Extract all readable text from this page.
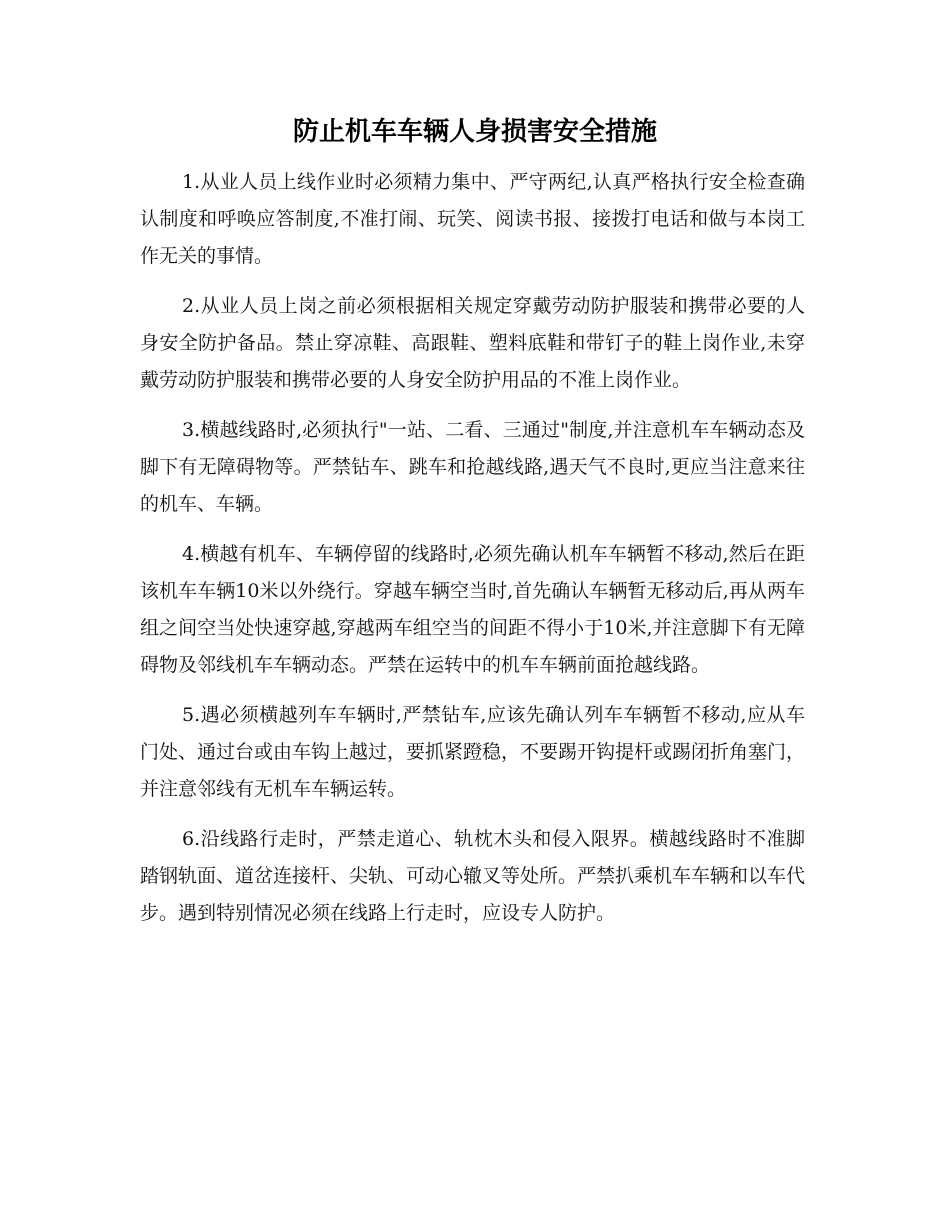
防止机车车辆人身损害安全措施

1.从业人员上线作业时必须精力集中、严守两纪,认真严格执行安全检查确认制度和呼唤应答制度,不准打闹、玩笑、阅读书报、接拨打电话和做与本岗工作无关的事情。

2.从业人员上岗之前必须根据相关规定穿戴劳动防护服装和携带必要的人身安全防护备品。禁止穿凉鞋、高跟鞋、塑料底鞋和带钉子的鞋上岗作业,未穿戴劳动防护服装和携带必要的人身安全防护用品的不准上岗作业。

3.横越线路时,必须执行"一站、二看、三通过"制度,并注意机车车辆动态及脚下有无障碍物等。严禁钻车、跳车和抢越线路,遇天气不良时,更应当注意来往的机车、车辆。

4.横越有机车、车辆停留的线路时,必须先确认机车车辆暂不移动,然后在距该机车车辆10米以外绕行。穿越车辆空当时,首先确认车辆暂无移动后,再从两车组之间空当处快速穿越,穿越两车组空当的间距不得小于10米,并注意脚下有无障碍物及邻线机车车辆动态。严禁在运转中的机车车辆前面抢越线路。

5.遇必须横越列车车辆时,严禁钻车,应该先确认列车车辆暂不移动,应从车门处、通过台或由车钩上越过，要抓紧蹬稳，不要踢开钩提杆或踢闭折角塞门，并注意邻线有无机车车辆运转。

6.沿线路行走时，严禁走道心、轨枕木头和侵入限界。横越线路时不准脚踏钢轨面、道岔连接杆、尖轨、可动心辙叉等处所。严禁扒乘机车车辆和以车代步。遇到特别情况必须在线路上行走时，应设专人防护。
